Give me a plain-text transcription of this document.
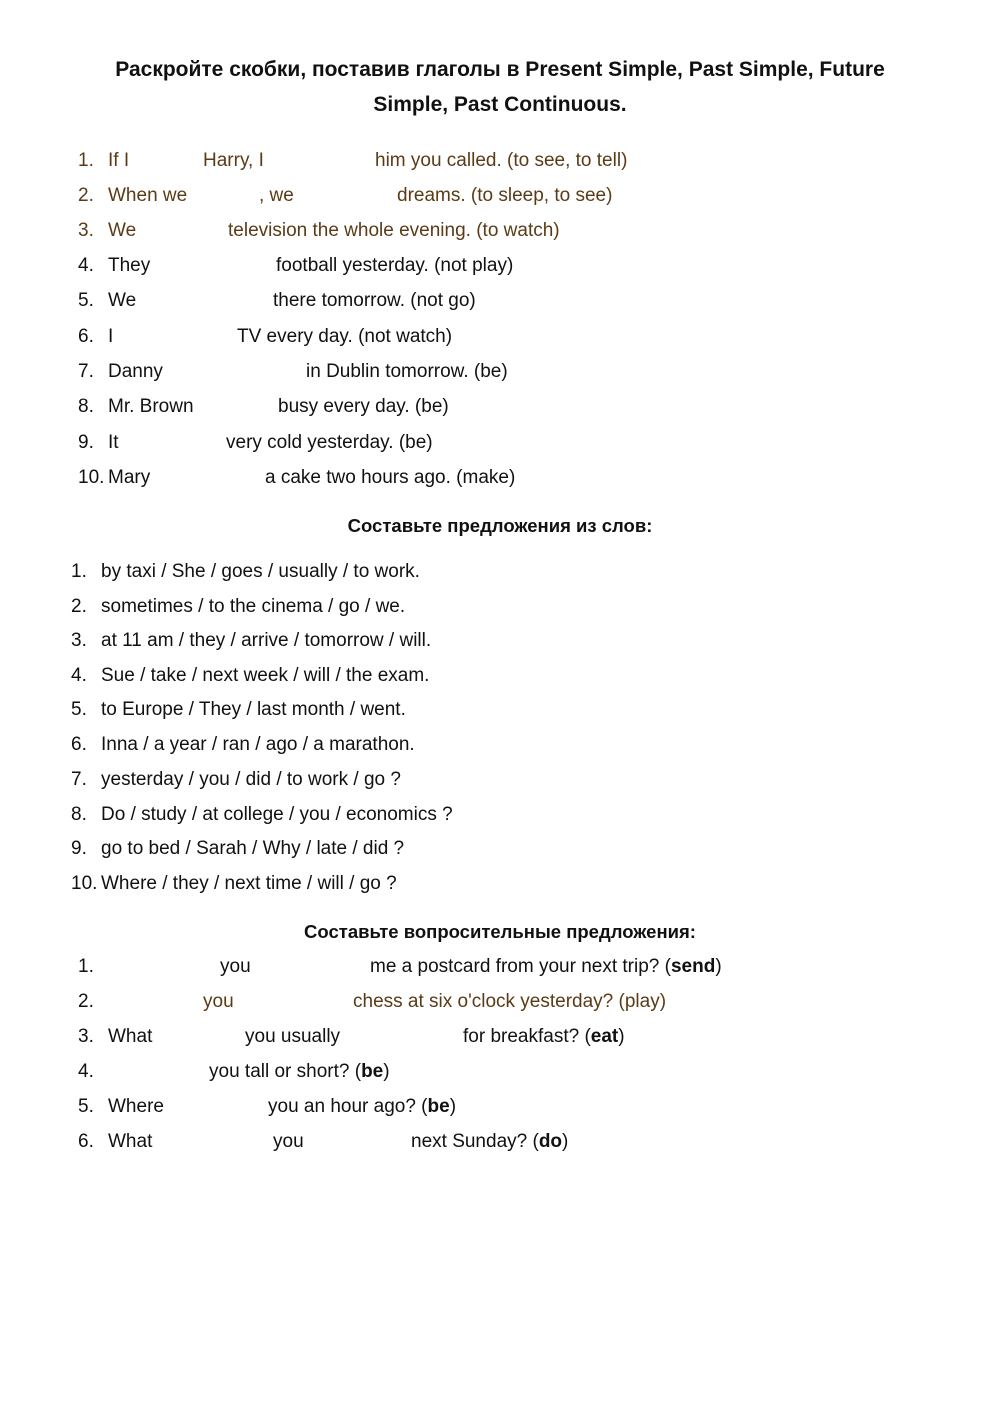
Раскройте скобки, поставив глаголы в Present Simple, Past Simple, Future
Simple, Past Continuous.
1. If I	Harry, I	him you called. (to see, to tell)
2. When we	, we	dreams. (to sleep, to see)
3. We	television the whole evening. (to watch)
4. They	football yesterday. (not play)
5. We	there tomorrow. (not go)
6. I	TV every day. (not watch)
7. Danny	in Dublin tomorrow. (be)
8. Mr. Brown	busy every day. (be)
9. It	very cold yesterday. (be)
10. Mary	a cake two hours ago. (make)
Составьте предложения из слов:
1. by taxi / She / goes / usually / to work.
2. sometimes / to the cinema / go / we.
3. at 11 am / they / arrive / tomorrow / will.
4. Sue / take / next week / will / the exam.
5. to Europe / They / last month / went.
6. Inna / a year / ran / ago / a marathon.
7. yesterday / you / did / to work / go ?
8. Do / study / at college / you / economics ?
9. go to bed / Sarah / Why / late / did ?
10. Where / they / next time / will / go ?
Составьте вопросительные предложения:
1.	you	me a postcard from your next trip? (send)
2.	you	chess at six o'clock yesterday? (play)
3. What	you usually	for breakfast? (eat)
4.	you tall or short? (be)
5. Where	you an hour ago? (be)
6. What	you	next Sunday? (do)
